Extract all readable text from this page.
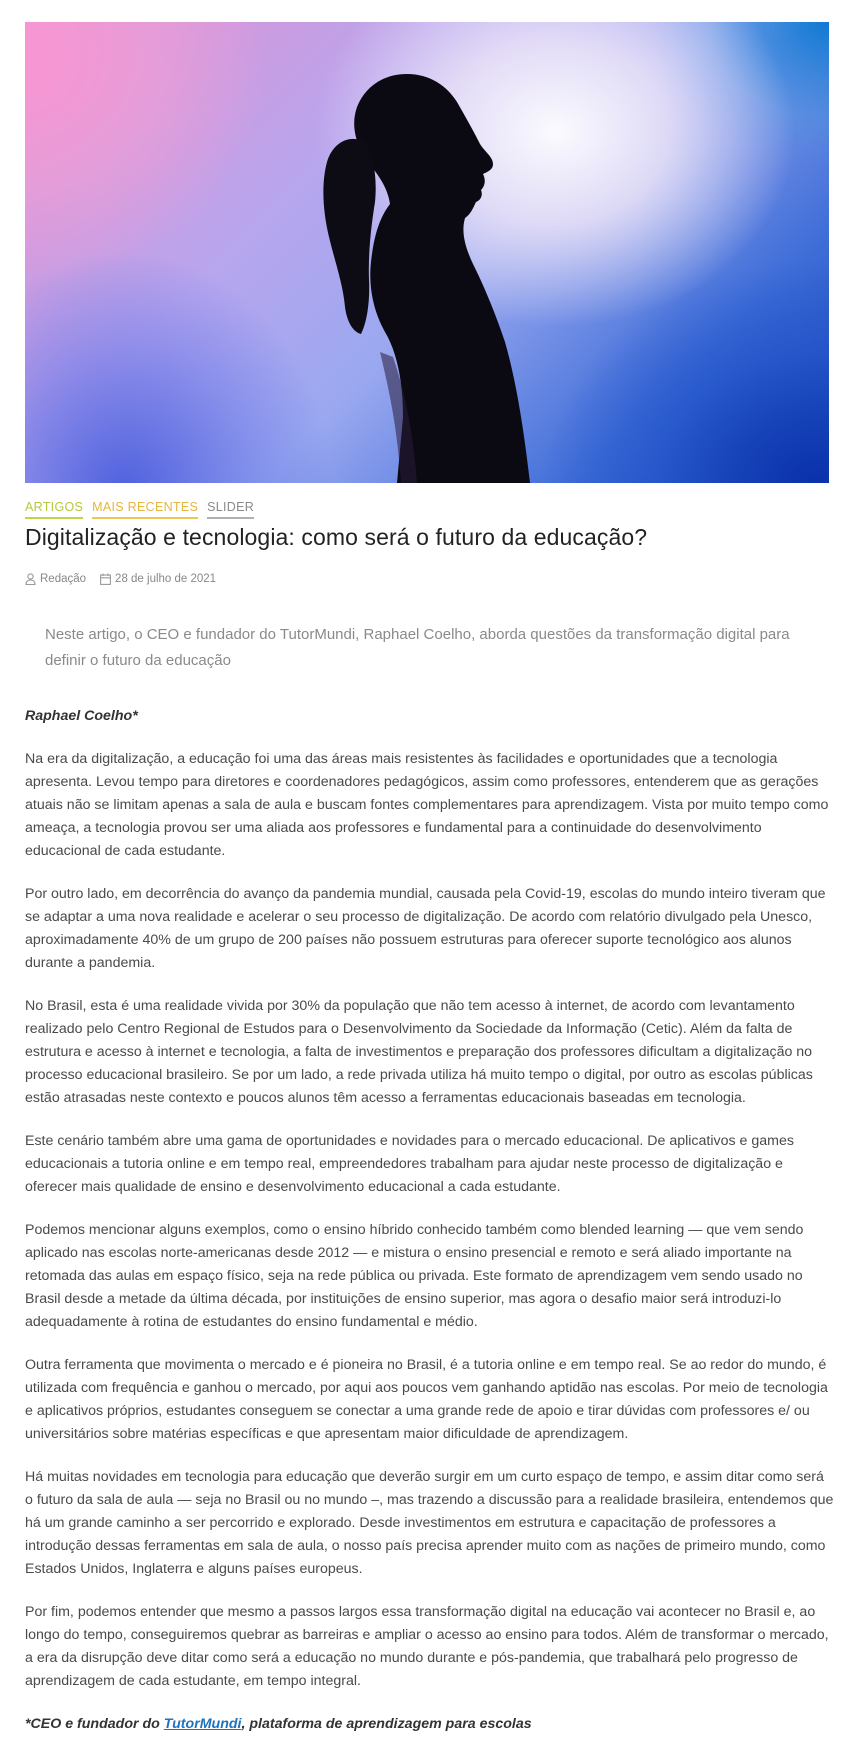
ARTIGOS MAIS RECENTES SLIDER
Digitalização e tecnologia: como será o futuro da educação?
Redação	28 de julho de 2021

Neste artigo, o CEO e fundador do TutorMundi, Raphael Coelho, aborda questões da transformação digital para definir o futuro da educação

Raphael Coelho*

Na era da digitalização, a educação foi uma das áreas mais resistentes às facilidades e oportunidades que a tecnologia apresenta. Levou tempo para diretores e coordenadores pedagógicos, assim como professores, entenderem que as gerações atuais não se limitam apenas a sala de aula e buscam fontes complementares para aprendizagem. Vista por muito tempo como ameaça, a tecnologia provou ser uma aliada aos professores e fundamental para a continuidade do desenvolvimento educacional de cada estudante.

Por outro lado, em decorrência do avanço da pandemia mundial, causada pela Covid-19, escolas do mundo inteiro tiveram que se adaptar a uma nova realidade e acelerar o seu processo de digitalização. De acordo com relatório divulgado pela Unesco, aproximadamente 40% de um grupo de 200 países não possuem estruturas para oferecer suporte tecnológico aos alunos durante a pandemia.

No Brasil, esta é uma realidade vivida por 30% da população que não tem acesso à internet, de acordo com levantamento realizado pelo Centro Regional de Estudos para o Desenvolvimento da Sociedade da Informação (Cetic). Além da falta de estrutura e acesso à internet e tecnologia, a falta de investimentos e preparação dos professores dificultam a digitalização no processo educacional brasileiro. Se por um lado, a rede privada utiliza há muito tempo o digital, por outro as escolas públicas estão atrasadas neste contexto e poucos alunos têm acesso a ferramentas educacionais baseadas em tecnologia.

Este cenário também abre uma gama de oportunidades e novidades para o mercado educacional. De aplicativos e games educacionais a tutoria online e em tempo real, empreendedores trabalham para ajudar neste processo de digitalização e oferecer mais qualidade de ensino e desenvolvimento educacional a cada estudante.

Podemos mencionar alguns exemplos, como o ensino híbrido conhecido também como blended learning — que vem sendo aplicado nas escolas norte-americanas desde 2012 — e mistura o ensino presencial e remoto e será aliado importante na retomada das aulas em espaço físico, seja na rede pública ou privada. Este formato de aprendizagem vem sendo usado no Brasil desde a metade da última década, por instituições de ensino superior, mas agora o desafio maior será introduzi-lo adequadamente à rotina de estudantes do ensino fundamental e médio.

Outra ferramenta que movimenta o mercado e é pioneira no Brasil, é a tutoria online e em tempo real. Se ao redor do mundo, é utilizada com frequência e ganhou o mercado, por aqui aos poucos vem ganhando aptidão nas escolas. Por meio de tecnologia e aplicativos próprios, estudantes conseguem se conectar a uma grande rede de apoio e tirar dúvidas com professores e/ ou universitários sobre matérias específicas e que apresentam maior dificuldade de aprendizagem.

Há muitas novidades em tecnologia para educação que deverão surgir em um curto espaço de tempo, e assim ditar como será o futuro da sala de aula — seja no Brasil ou no mundo –, mas trazendo a discussão para a realidade brasileira, entendemos que há um grande caminho a ser percorrido e explorado. Desde investimentos em estrutura e capacitação de professores a introdução dessas ferramentas em sala de aula, o nosso país precisa aprender muito com as nações de primeiro mundo, como Estados Unidos, Inglaterra e alguns países europeus.

Por fim, podemos entender que mesmo a passos largos essa transformação digital na educação vai acontecer no Brasil e, ao longo do tempo, conseguiremos quebrar as barreiras e ampliar o acesso ao ensino para todos. Além de transformar o mercado, a era da disrupção deve ditar como será a educação no mundo durante e pós-pandemia, que trabalhará pelo progresso de aprendizagem de cada estudante, em tempo integral.

*CEO e fundador do TutorMundi, plataforma de aprendizagem para escolas
